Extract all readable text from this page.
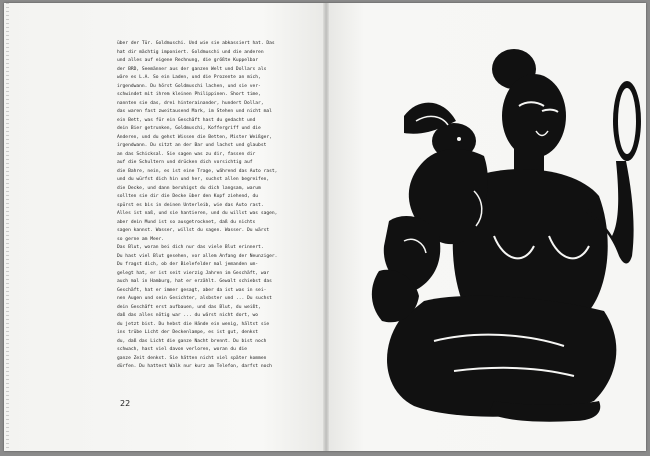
über der Tür. Goldmuschi. Und wie sie abkassiert hat. Das
hat dir mächtig imponiert. Goldmuschi und die anderen
und alles auf eigene Rechnung, die größte Kuppelbar
der BRD, Seemänner aus der ganzen Welt und Dollars als
wäre es L.A. So ein Laden, und die Prozente an mich,
irgendwann. Du hörst Goldmuschi lachen, und sie ver-
schwindet mit ihrem kleinen Philippinen. Short time,
nannten sie das, drei hinterainander, hundert Dollar,
das waren fast zweitausend Mark, im Stehen und nicht mal
ein Bett, was für ein Geschäft hast du gedacht und
dein Bier getrunken, Goldmuschi, Koffergriff und die
Anderen, und du gehst Wissen die Betten, Mister Weißger,
irgendwann. Du sitzt an der Bar und lachst und glaubst
an das Schicksal. Sie sagen was zu dir, fassen dir
auf die Schultern und drücken dich vorsichtig auf
die Bahre, nein, es ist eine Trage, während das Auto rast,
und du würfst dich hin und her, suchst allen begreifen,
die Decke, und dann beruhigst du dich langsam, warum
sollten sie dir die Decke über den Kopf ziehend, du
spürst es bis in deinen Unterleib, wie das Auto rast.
Alles ist naß, und sie hantieren, und du willst was sagen,
aber dein Mund ist so ausgetrocknet, daß du nichts
sagen kannst. Wasser, willst du sagen. Wasser. Du wärst
so gerne am Meer.
Das Blut, woran bei dich nur das viele Blut erinnert.
Du hast viel Blut gesehen, vor allem Anfang der Neunziger.
Du fragst dich, ob der Bielefelder mal jemanden um-
gelegt hat, er ist seit vierzig Jahren im Geschäft, war
auch mal in Hamburg, hat er erzählt. Gewalt schiebst das
Geschäft, hat er immer gesagt, aber da ist was in sei-
nen Augen und sein Gesichter, alsbster und ... Du suchst
dein Geschäft erst aufbauen, und das Blut, du weißt,
daß das alles nötig war ... du wärst nicht dort, wo
du jetzt bist. Du hebst die Hände ein wenig, hältst sie
ins trübe Licht der Deckenlampe, es ist gut, denkst
du, daß das Licht die ganze Nacht brennt. Du bist noch
schwach, hast viel davon verloren, woran du die
ganze Zeit denkst. Sie hätten nicht viel später kommen
dürfen. Du hattest Walk nur kurz am Telefon, darfst noch
22
